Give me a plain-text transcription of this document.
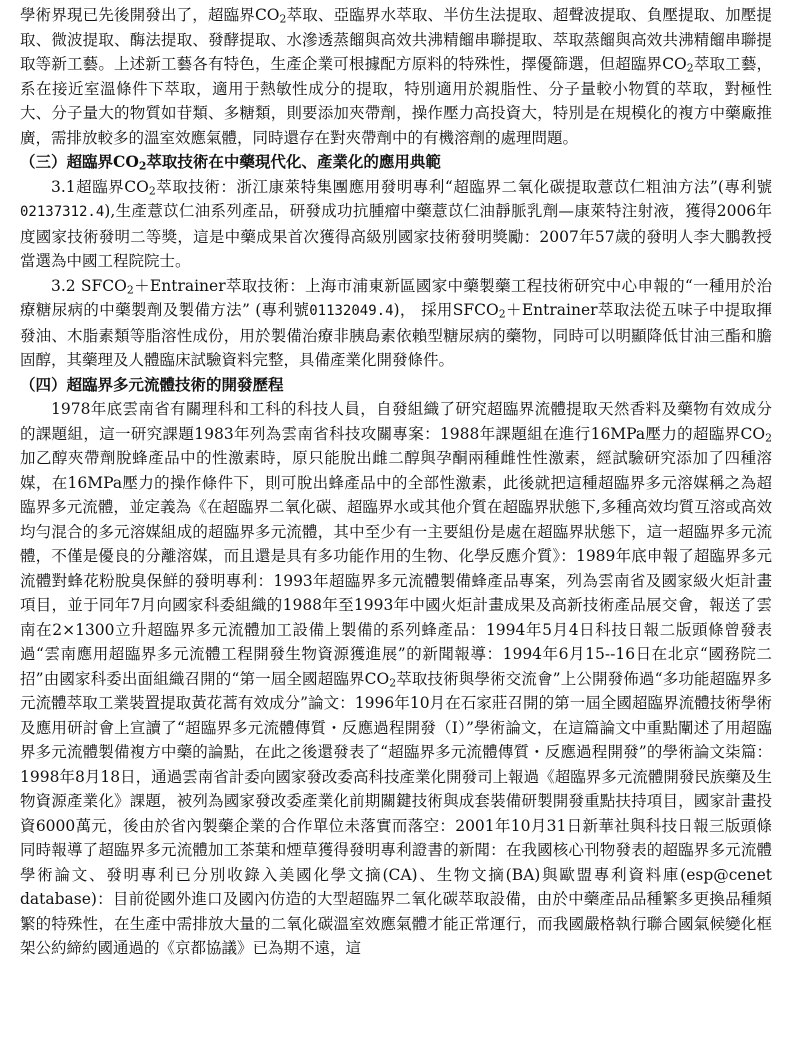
學術界現已先後開發出了，超臨界$CO_2$萃取、亞臨界水萃取、半仿生法提取、超聲波提取、負壓提取、加壓提取、微波提取、酶法提取、發酵提取、水滲透蒸餾與高效共沸精餾串聯提取、萃取蒸餾與高效共沸精餾串聯提取等新工藝。上述新工藝各有特色，生產企業可根據配方原料的特殊性，擇優篩選，但超臨界$CO_2$萃取工藝，系在接近室溫條件下萃取，適用于熱敏性成分的提取，特別適用於親脂性、分子量較小物質的萃取，對極性大、分子量大的物質如苷類、多糖類，則要添加夾帶劑，操作壓力高投資大，特別是在規模化的複方中藥廠推廣，需排放較多的溫室效應氣體，同時還存在對夾帶劑中的有機溶劑的處理問題。

（三）超臨界$CO_2$萃取技術在中藥現代化、產業化的應用典範

3.1超臨界$CO_2$萃取技術：浙江康萊特集團應用發明專利“超臨界二氧化碳提取薏苡仁粗油方法”(專利號02137312.4),生產薏苡仁油系列產品，研發成功抗腫瘤中藥薏苡仁油靜脈乳劑—康萊特注射液，獲得2006年度國家技術發明二等獎，這是中藥成果首次獲得高級別國家技術發明獎勵：2007年57歲的發明人李大鵬教授當選為中國工程院院士。

3.2 $SFCO_2+Entrainer$萃取技術：上海市浦東新區國家中藥製藥工程技術研究中心申報的“一種用於治療糖尿病的中藥製劑及製備方法” (專利號01132049.4)， 採用$SFCO_2+Entrainer$萃取法從五味子中提取揮發油、木脂素類等脂溶性成份，用於製備治療非胰島素依賴型糖尿病的藥物，同時可以明顯降低甘油三酯和膽固醇，其藥理及人體臨床試驗資料完整，具備產業化開發條件。

（四）超臨界多元流體技術的開發歷程

1978年底雲南省有關理科和工科的科技人員，自發組織了研究超臨界流體提取天然香料及藥物有效成分的課題組，這一研究課題1983年列為雲南省科技攻關專案：1988年課題組在進行16MPa壓力的超臨界$CO_2$加乙醇夾帶劑脫蜂產品中的性激素時，原只能脫出雌二醇與孕酮兩種雌性性激素，經試驗研究添加了四種溶媒，在16MPa壓力的操作條件下，則可脫出蜂產品中的全部性激素，此後就把這種超臨界多元溶媒稱之為超臨界多元流體，並定義為《在超臨界二氧化碳、超臨界水或其他介質在超臨界狀態下,多種高效均質互溶或高效均勻混合的多元溶媒組成的超臨界多元流體，其中至少有一主要組份是處在超臨界狀態下，這一超臨界多元流體，不僅是優良的分離溶媒，而且還是具有多功能作用的生物、化學反應介質》：1989年底申報了超臨界多元流體對蜂花粉脫臭保鮮的發明專利：1993年超臨界多元流體製備蜂產品專案，列為雲南省及國家級火炬計畫項目，並于同年7月向國家科委組織的1988年至1993年中國火炬計畫成果及高新技術產品展交會，報送了雲南在2×1300立升超臨界多元流體加工設備上製備的系列蜂產品：1994年5月4日科技日報二版頭條曾發表過“雲南應用超臨界多元流體工程開發生物資源獲進展”的新聞報導：1994年6月15--16日在北京“國務院二招”由國家科委出面組織召開的“第一屆全國超臨界$CO_2$萃取技術與學術交流會”上公開發佈過“多功能超臨界多元流體萃取工業裝置提取黃花蒿有效成分”論文：1996年10月在石家莊召開的第一屆全國超臨界流體技術學術及應用研討會上宣讀了“超臨界多元流體傳質・反應過程開發（Ⅰ）”學術論文，在這篇論文中重點闡述了用超臨界多元流體製備複方中藥的論點，在此之後還發表了“超臨界多元流體傳質・反應過程開發”的學術論文柒篇：1998年8月18日，通過雲南省計委向國家發改委高科技產業化開發司上報過《超臨界多元流體開發民族藥及生物資源產業化》課題，被列為國家發改委產業化前期關鍵技術與成套裝備研製開發重點扶持項目，國家計畫投資6000萬元，後由於省內製藥企業的合作單位未落實而落空：2001年10月31日新華社與科技日報三版頭條同時報導了超臨界多元流體加工茶葉和煙草獲得發明專利證書的新聞：在我國核心刊物發表的超臨界多元流體學術論文、發明專利已分別收錄入美國化學文摘(CA)、生物文摘(BA)與歐盟專利資料庫(esp@cenet database)：目前從國外進口及國內仿造的大型超臨界二氧化碳萃取設備，由於中藥產品品種繁多更換品種頻繁的特殊性，在生產中需排放大量的二氧化碳溫室效應氣體才能正常運行，而我國嚴格執行聯合國氣候變化框架公約締約國通過的《京都協議》已為期不遠，這
